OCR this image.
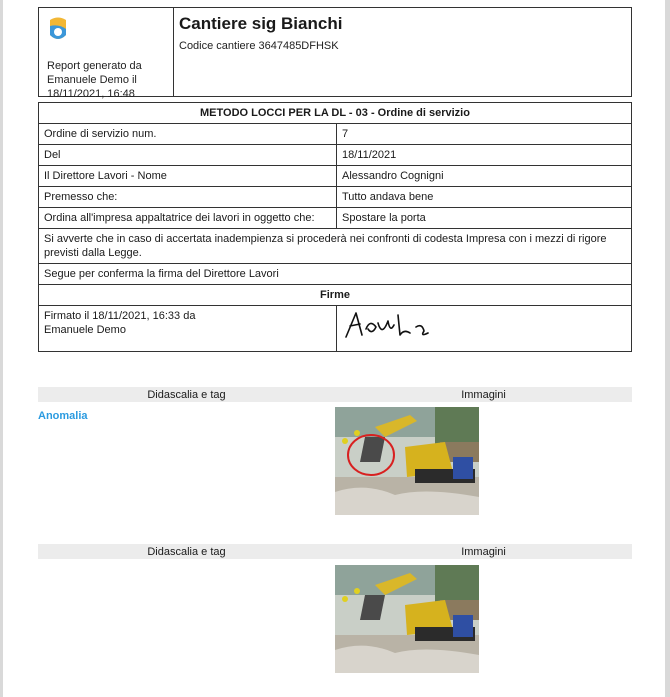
Report generato da
Emanuele Demo il
18/11/2021, 16:48
Cantiere sig Bianchi
Codice cantiere 3647485DFHSK
METODO LOCCI PER LA DL - 03 - Ordine di servizio	
Ordine di servizio num.	7
Del	18/11/2021
Il Direttore Lavori - Nome	Alessandro Cognigni
Premesso che:	Tutto andava bene
Ordina all'impresa appaltatrice dei lavori in oggetto che:	Spostare la porta
Si avverte che in caso di accertata inadempienza si procederà nei confronti di codesta Impresa con i mezzi di rigore previsti dalla Legge.	
Segue per conferma la firma del Direttore Lavori	
Firme	

Firmato il 18/11/2021, 16:33 da
Emanuele Demo

Didascalia e tag	Immagini
Anomalia
Didascalia e tag	Immagini
